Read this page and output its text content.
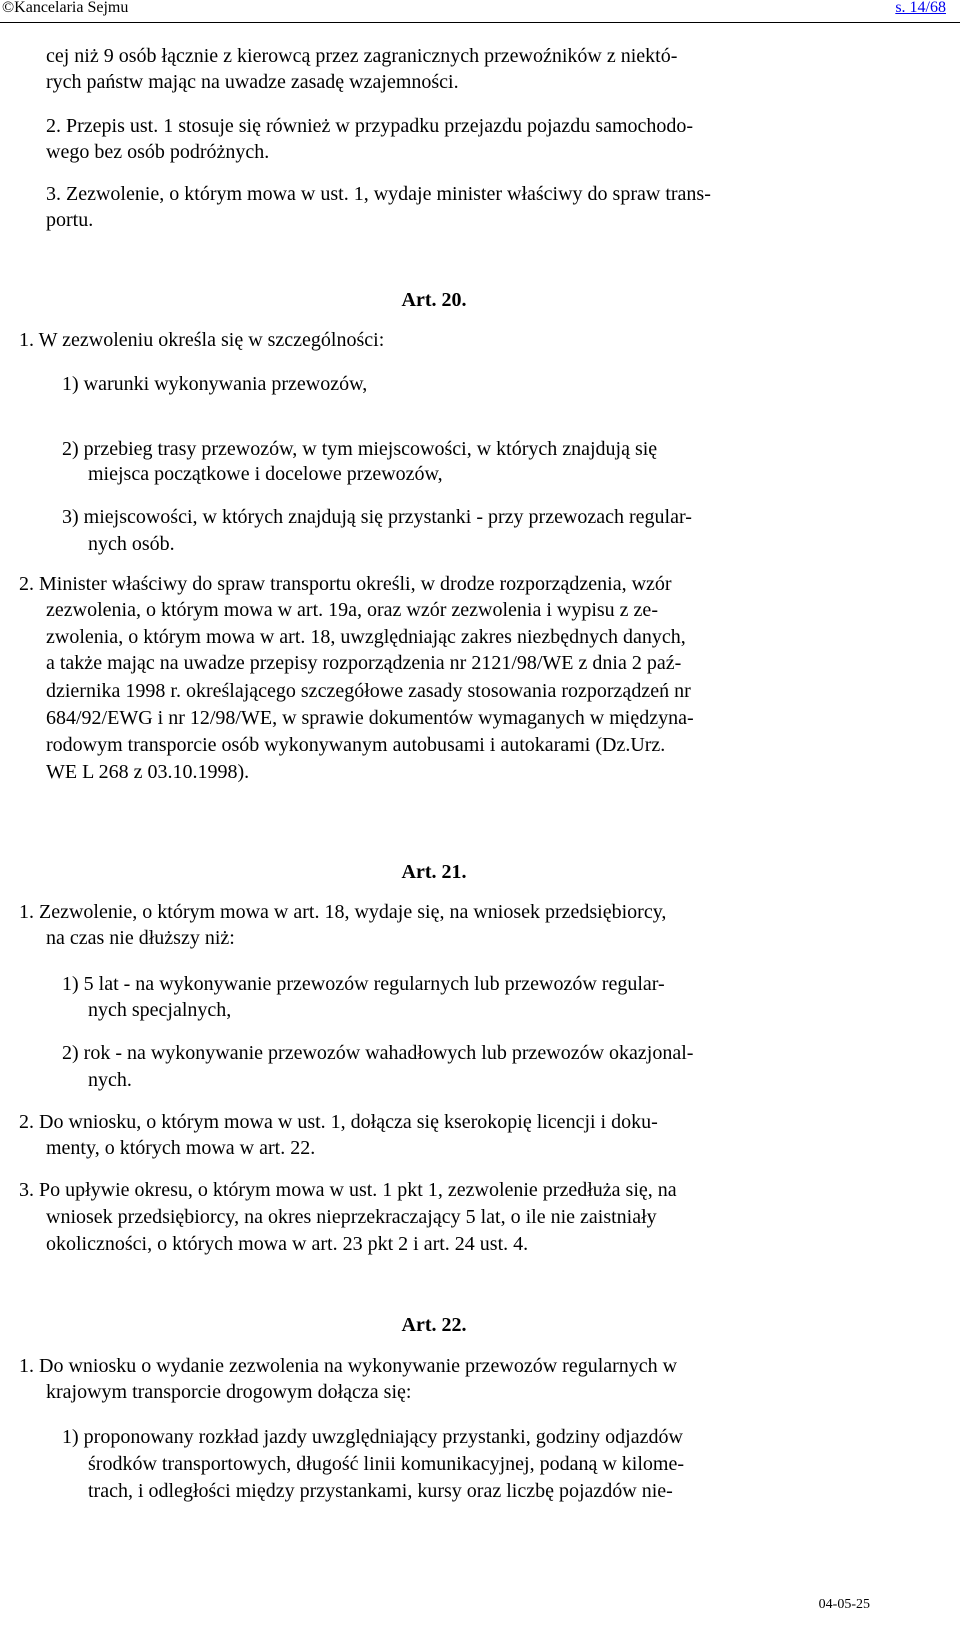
©Kancelaria Sejmu	s. 14/68
cej niż 9 osób łącznie z kierowcą przez zagranicznych przewoźników z niektó-
rych państw mając na uwadze zasadę wzajemności.
2. Przepis ust. 1 stosuje się również w przypadku przejazdu pojazdu samochodo-
wego bez osób podróżnych.
3. Zezwolenie, o którym mowa w ust. 1, wydaje minister właściwy do spraw trans-
portu.
Art. 20.
1. W zezwoleniu określa się w szczególności:
1) warunki wykonywania przewozów,
2) przebieg trasy przewozów, w tym miejscowości, w których znajdują się
miejsca początkowe i docelowe przewozów,
3) miejscowości, w których znajdują się przystanki - przy przewozach regular-
nych osób.
2. Minister właściwy do spraw transportu określi, w drodze rozporządzenia, wzór
zezwolenia, o którym mowa w art. 19a, oraz wzór zezwolenia i wypisu z ze-
zwolenia, o którym mowa w art. 18, uwzględniając zakres niezbędnych danych,
a także mając na uwadze przepisy rozporządzenia nr 2121/98/WE z dnia 2 paź-
dziernika 1998 r. określającego szczegółowe zasady stosowania rozporządzeń nr
684/92/EWG i nr 12/98/WE, w sprawie dokumentów wymaganych w międzyna-
rodowym transporcie osób wykonywanym autobusami i autokarami (Dz.Urz.
WE L 268 z 03.10.1998).
Art. 21.
1. Zezwolenie, o którym mowa w art. 18, wydaje się, na wniosek przedsiębiorcy,
na czas nie dłuższy niż:
1) 5 lat - na wykonywanie przewozów regularnych lub przewozów regular-
nych specjalnych,
2) rok - na wykonywanie przewozów wahadłowych lub przewozów okazjonal-
nych.
2. Do wniosku, o którym mowa w ust. 1, dołącza się kserokopię licencji i doku-
menty, o których mowa w art. 22.
3. Po upływie okresu, o którym mowa w ust. 1 pkt 1, zezwolenie przedłuża się, na
wniosek przedsiębiorcy, na okres nieprzekraczający 5 lat, o ile nie zaistniały
okoliczności, o których mowa w art. 23 pkt 2 i art. 24 ust. 4.
Art. 22.
1. Do wniosku o wydanie zezwolenia na wykonywanie przewozów regularnych w
krajowym transporcie drogowym dołącza się:
1) proponowany rozkład jazdy uwzględniający przystanki, godziny odjazdów
środków transportowych, długość linii komunikacyjnej, podaną w kilome-
trach, i odległości między przystankami, kursy oraz liczbę pojazdów nie-
04-05-25
